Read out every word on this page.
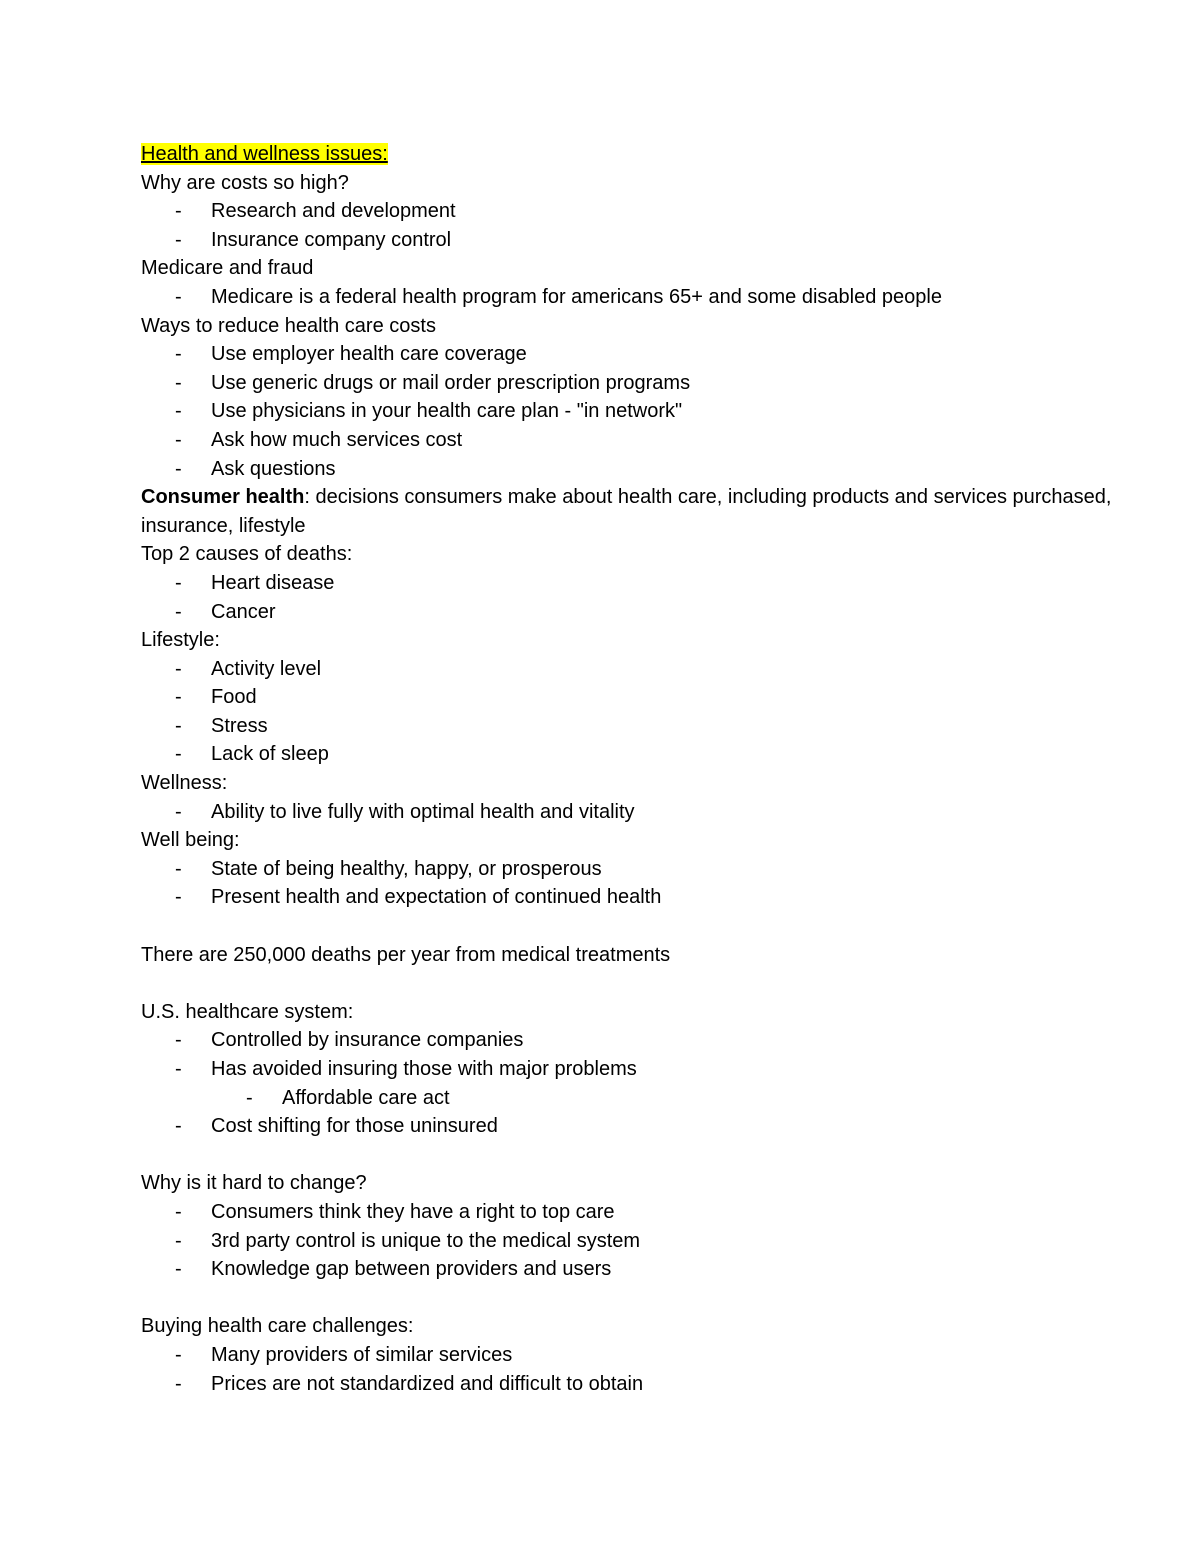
Health and wellness issues:
Why are costs so high?
-	Research and development
-	Insurance company control
Medicare and fraud
-	Medicare is a federal health program for americans 65+ and some disabled people
Ways to reduce health care costs
-	Use employer health care coverage
-	Use generic drugs or mail order prescription programs
-	Use physicians in your health care plan - "in network"
-	Ask how much services cost
-	Ask questions
Consumer health: decisions consumers make about health care, including products and services purchased, insurance, lifestyle
Top 2 causes of deaths:
-	Heart disease
-	Cancer
Lifestyle:
-	Activity level
-	Food
-	Stress
-	Lack of sleep
Wellness:
-	Ability to live fully with optimal health and vitality
Well being:
-	State of being healthy, happy, or prosperous
-	Present health and expectation of continued health
There are 250,000 deaths per year from medical treatments
U.S. healthcare system:
-	Controlled by insurance companies
-	Has avoided insuring those with major problems
-	Affordable care act
-	Cost shifting for those uninsured
Why is it hard to change?
-	Consumers think they have a right to top care
-	3rd party control is unique to the medical system
-	Knowledge gap between providers and users
Buying health care challenges:
-	Many providers of similar services
-	Prices are not standardized and difficult to obtain
